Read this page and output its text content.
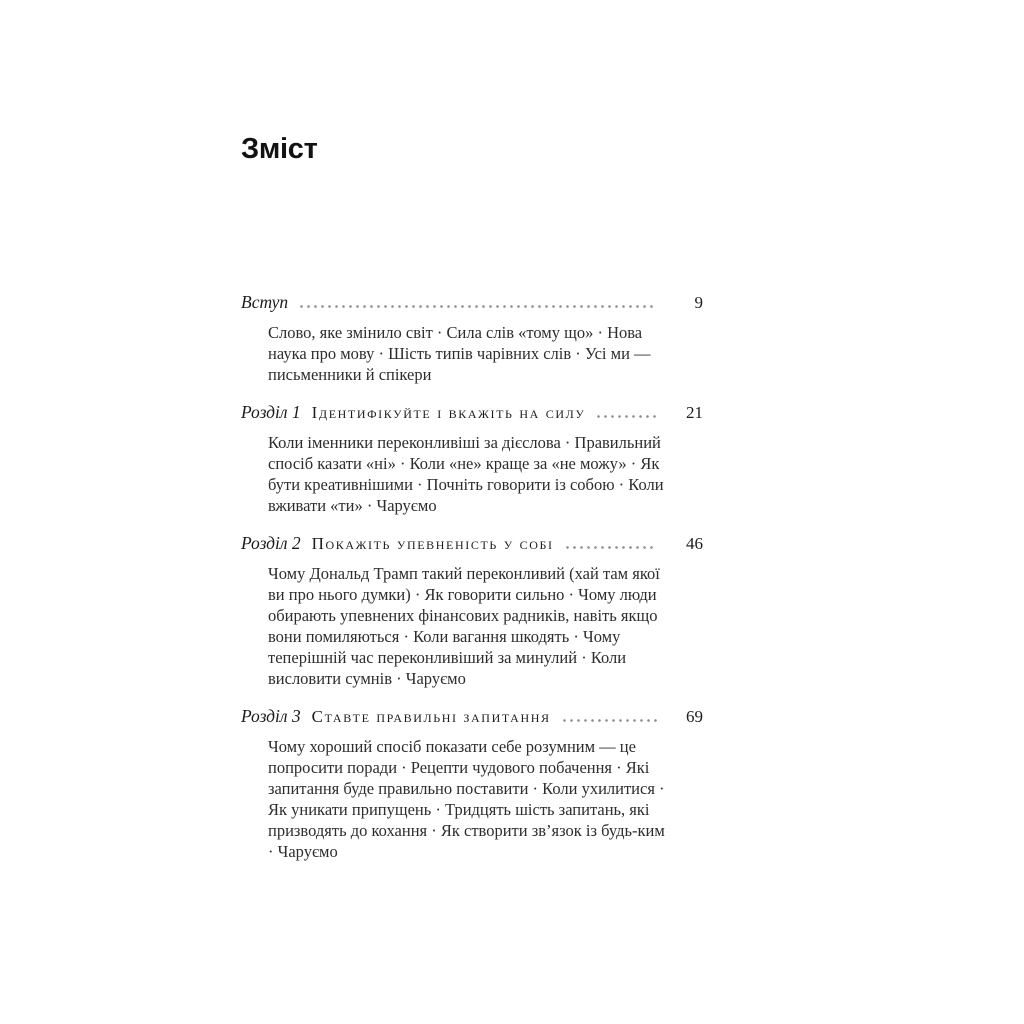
Зміст
Вступ	9

Слово, яке змінило світ · Сила слів «тому що» · Нова наука про мову · Шість типів чарівних слів · Усі ми — письменники й спікери

Розділ 1 Ідентифікуйте і вкажіть на силу	21

Коли іменники переконливіші за дієслова · Правильний спосіб казати «ні» · Коли «не» краще за «не можу» · Як бути креативнішими · Почніть говорити із собою · Коли вживати «ти» · Чаруємо

Розділ 2 Покажіть упевненість у собі	46

Чому Дональд Трамп такий переконливий (хай там якої ви про нього думки) · Як говорити сильно · Чому люди обирають упевнених фінансових радників, навіть якщо вони помиляються · Коли вагання шкодять · Чому теперішній час переконливіший за минулий · Коли висловити сумнів · Чаруємо

Розділ 3 Ставте правильні запитання	69

Чому хороший спосіб показати себе розумним — це попросити поради · Рецепти чудового побачення · Які запитання буде правильно поставити · Коли ухилитися · Як уникати припущень · Тридцять шість запитань, які призводять до кохання · Як створити зв’язок із будь-ким · Чаруємо
